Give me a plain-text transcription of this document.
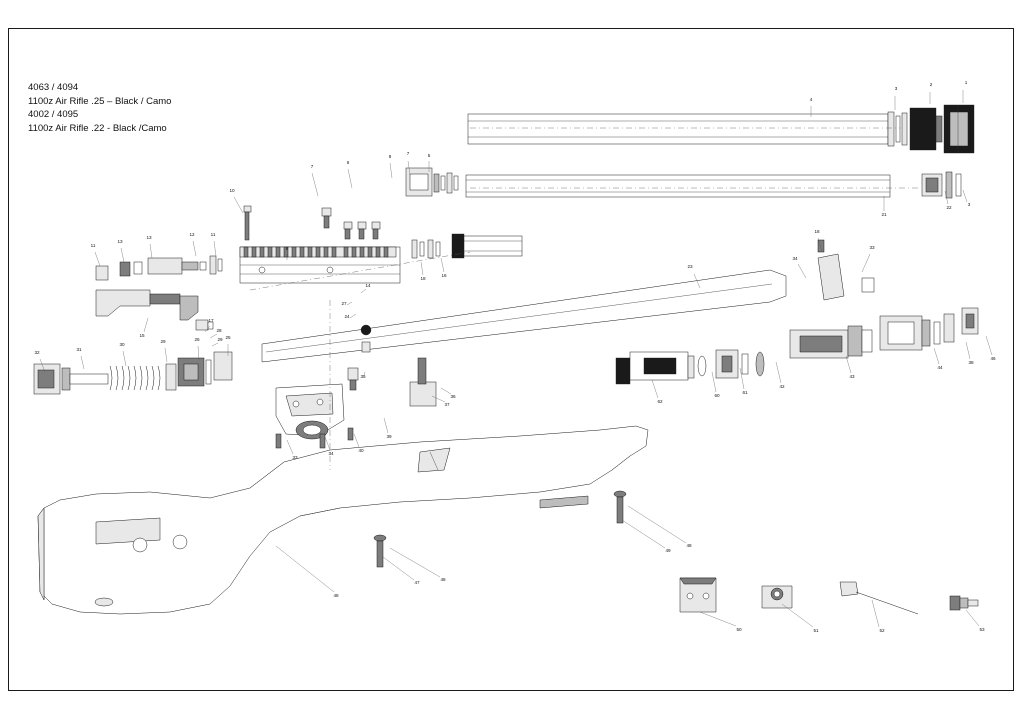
4063 / 4094
1100z Air Rifle .25 – Black / Camo
4002 / 4095
1100z Air Rifle .22 - Black /Camo
1
2
3
4
3
22
21
5
7
8
6
7
10
9
11
13
13
12	11
18
16
23
18
34
33
14
27
24
15
17
28
29
32
31
30
29	26	25
62
60
61
42
43
44
38
46
35
39
36
37
33
34
40
48
47
48
49
48
50	51	52	53
